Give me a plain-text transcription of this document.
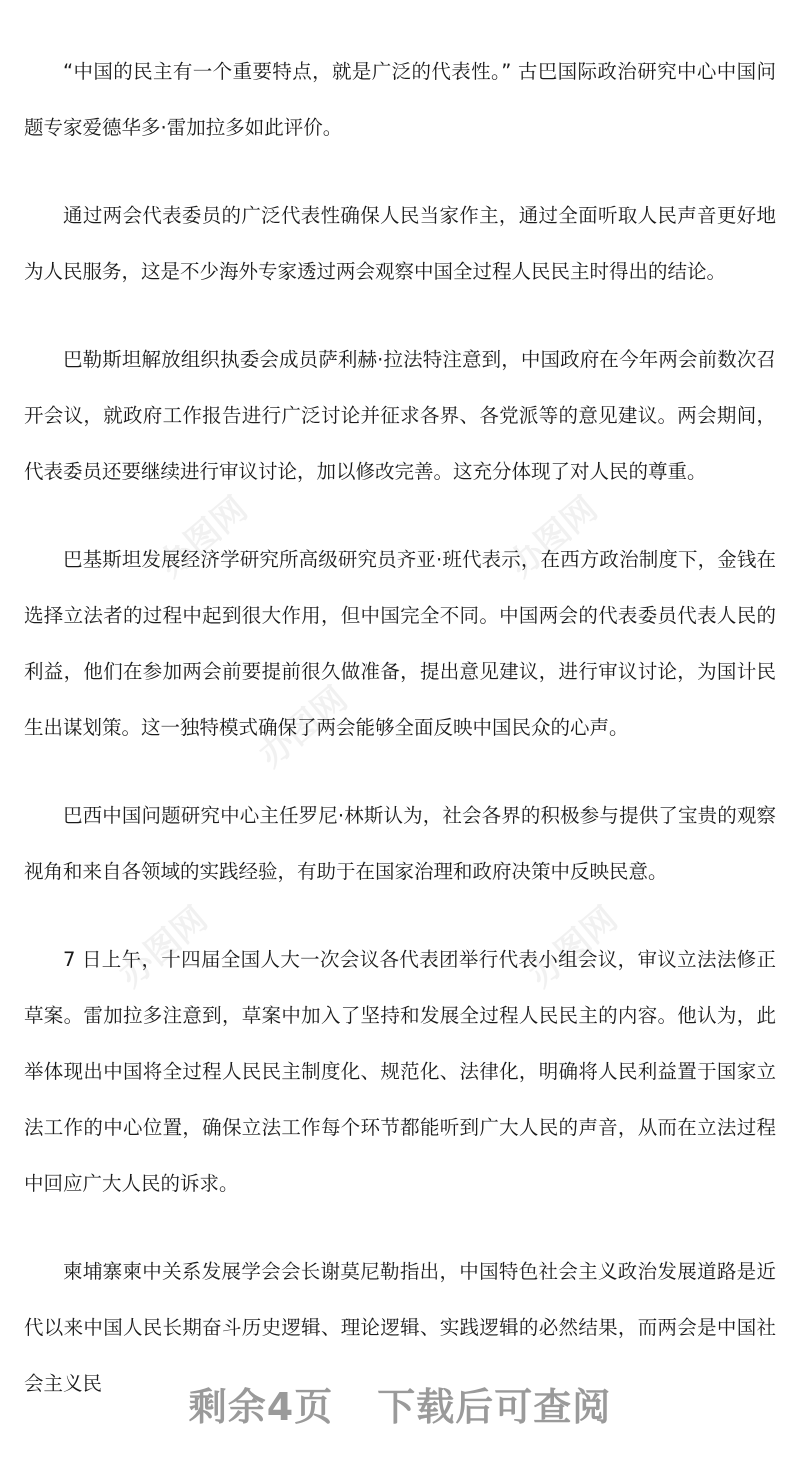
办图网	办图网
办图网
办图网	办图网

“中国的民主有一个重要特点，就是广泛的代表性。” 古巴国际政治研究中心中国问题专家爱德华多·雷加拉多如此评价。

通过两会代表委员的广泛代表性确保人民当家作主，通过全面听取人民声音更好地为人民服务，这是不少海外专家透过两会观察中国全过程人民民主时得出的结论。

巴勒斯坦解放组织执委会成员萨利赫·拉法特注意到，中国政府在今年两会前数次召开会议，就政府工作报告进行广泛讨论并征求各界、各党派等的意见建议。两会期间，代表委员还要继续进行审议讨论，加以修改完善。这充分体现了对人民的尊重。

巴基斯坦发展经济学研究所高级研究员齐亚·班代表示，在西方政治制度下，金钱在选择立法者的过程中起到很大作用，但中国完全不同。中国两会的代表委员代表人民的利益，他们在参加两会前要提前很久做准备，提出意见建议，进行审议讨论，为国计民生出谋划策。这一独特模式确保了两会能够全面反映中国民众的心声。

巴西中国问题研究中心主任罗尼·林斯认为，社会各界的积极参与提供了宝贵的观察视角和来自各领域的实践经验，有助于在国家治理和政府决策中反映民意。

7 日上午，十四届全国人大一次会议各代表团举行代表小组会议，审议立法法修正草案。雷加拉多注意到，草案中加入了坚持和发展全过程人民民主的内容。他认为，此举体现出中国将全过程人民民主制度化、规范化、法律化，明确将人民利益置于国家立法工作的中心位置，确保立法工作每个环节都能听到广大人民的声音，从而在立法过程中回应广大人民的诉求。

柬埔寨柬中关系发展学会会长谢莫尼勒指出，中国特色社会主义政治发展道路是近代以来中国人民长期奋斗历史逻辑、理论逻辑、实践逻辑的必然结果，而两会是中国社会主义民

剩余4页 下载后可查阅
